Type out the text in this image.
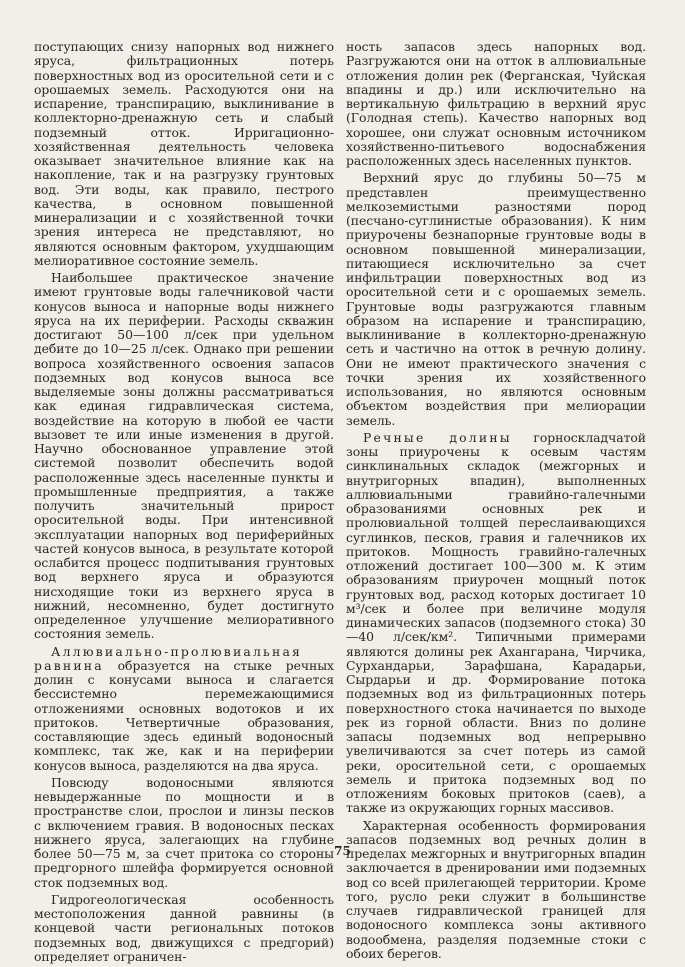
поступающих снизу напорных вод нижнего яруса, фильтрационных потерь поверхностных вод из оросительной сети и с орошаемых земель. Расходуются они на испарение, транспирацию, выклинивание в коллекторно-дренажную сеть и слабый подземный отток. Ирригационно-хозяйственная деятельность человека оказывает значительное влияние как на накопление, так и на разгрузку грунтовых вод. Эти воды, как правило, пестрого качества, в основном повышенной минерализации и с хозяйственной точки зрения интереса не представляют, но являются основным фактором, ухудшающим мелиоративное состояние земель.

Наибольшее практическое значение имеют грунтовые воды галечниковой части конусов выноса и напорные воды нижнего яруса на их периферии. Расходы скважин достигают 50—100 л/сек при удельном дебите до 10—25 л/сек. Однако при решении вопроса хозяйственного освоения запасов подземных вод конусов выноса все выделяемые зоны должны рассматриваться как единая гидравлическая система, воздействие на которую в любой ее части вызовет те или иные изменения в другой. Научно обоснованное управление этой системой позволит обеспечить водой расположенные здесь населенные пункты и промышленные предприятия, а также получить значительный прирост оросительной воды. При интенсивной эксплуатации напорных вод периферийных частей конусов выноса, в результате которой ослабится процесс подпитывания грунтовых вод верхнего яруса и образуются нисходящие токи из верхнего яруса в нижний, несомненно, будет достигнуто определенное улучшение мелиоративного состояния земель.

Аллювиально-пролювиальная равнина образуется на стыке речных долин с конусами выноса и слагается бессистемно перемежающимися отложениями основных водотоков и их притоков. Четвертичные образования, составляющие здесь единый водоносный комплекс, так же, как и на периферии конусов выноса, разделяются на два яруса.

Повсюду водоносными являются невыдержанные по мощности и в пространстве слои, прослои и линзы песков с включением гравия. В водоносных песках нижнего яруса, залегающих на глубине более 50—75 м, за счет притока со стороны предгорного шлейфа формируется основной сток подземных вод.

Гидрогеологическая особенность местоположения данной равнины (в концевой части региональных потоков подземных вод, движущихся с предгорий) определяет ограничен-

ность запасов здесь напорных вод. Разгружаются они на отток в аллювиальные отложения долин рек (Ферганская, Чуйская впадины и др.) или исключительно на вертикальную фильтрацию в верхний ярус (Голодная степь). Качество напорных вод хорошее, они служат основным источником хозяйственно-питьевого водоснабжения расположенных здесь населенных пунктов.

Верхний ярус до глубины 50—75 м представлен преимущественно мелкоземистыми разностями пород (песчано-суглинистые образования). К ним приурочены безнапорные грунтовые воды в основном повышенной минерализации, питающиеся исключительно за счет инфильтрации поверхностных вод из оросительной сети и с орошаемых земель. Грунтовые воды разгружаются главным образом на испарение и транспирацию, выклинивание в коллекторно-дренажную сеть и частично на отток в речную долину. Они не имеют практического значения с точки зрения их хозяйственного использования, но являются основным объектом воздействия при мелиорации земель.

Речные долины горноскладчатой зоны приурочены к осевым частям синклинальных складок (межгорных и внутригорных впадин), выполненных аллювиальными гравийно-галечными образованиями основных рек и пролювиальной толщей переслаивающихся суглинков, песков, гравия и галечников их притоков. Мощность гравийно-галечных отложений достигает 100—300 м. К этим образованиям приурочен мощный поток грунтовых вод, расход которых достигает 10 м³/сек и более при величине модуля динамических запасов (подземного стока) 30—40 л/сек/км². Типичными примерами являются долины рек Ахангарана, Чирчика, Сурхандарьи, Зарафшана, Карадарьи, Сырдарьи и др. Формирование потока подземных вод из фильтрационных потерь поверхностного стока начинается по выходе рек из горной области. Вниз по долине запасы подземных вод непрерывно увеличиваются за счет потерь из самой реки, оросительной сети, с орошаемых земель и притока подземных вод по отложениям боковых притоков (саев), а также из окружающих горных массивов.

Характерная особенность формирования запасов подземных вод речных долин в пределах межгорных и внутригорных впадин заключается в дренировании ими подземных вод со всей прилегающей территории. Кроме того, русло реки служит в большинстве случаев гидравлической границей для водоносного комплекса зоны активного водообмена, разделяя подземные стоки с обоих берегов.

75
